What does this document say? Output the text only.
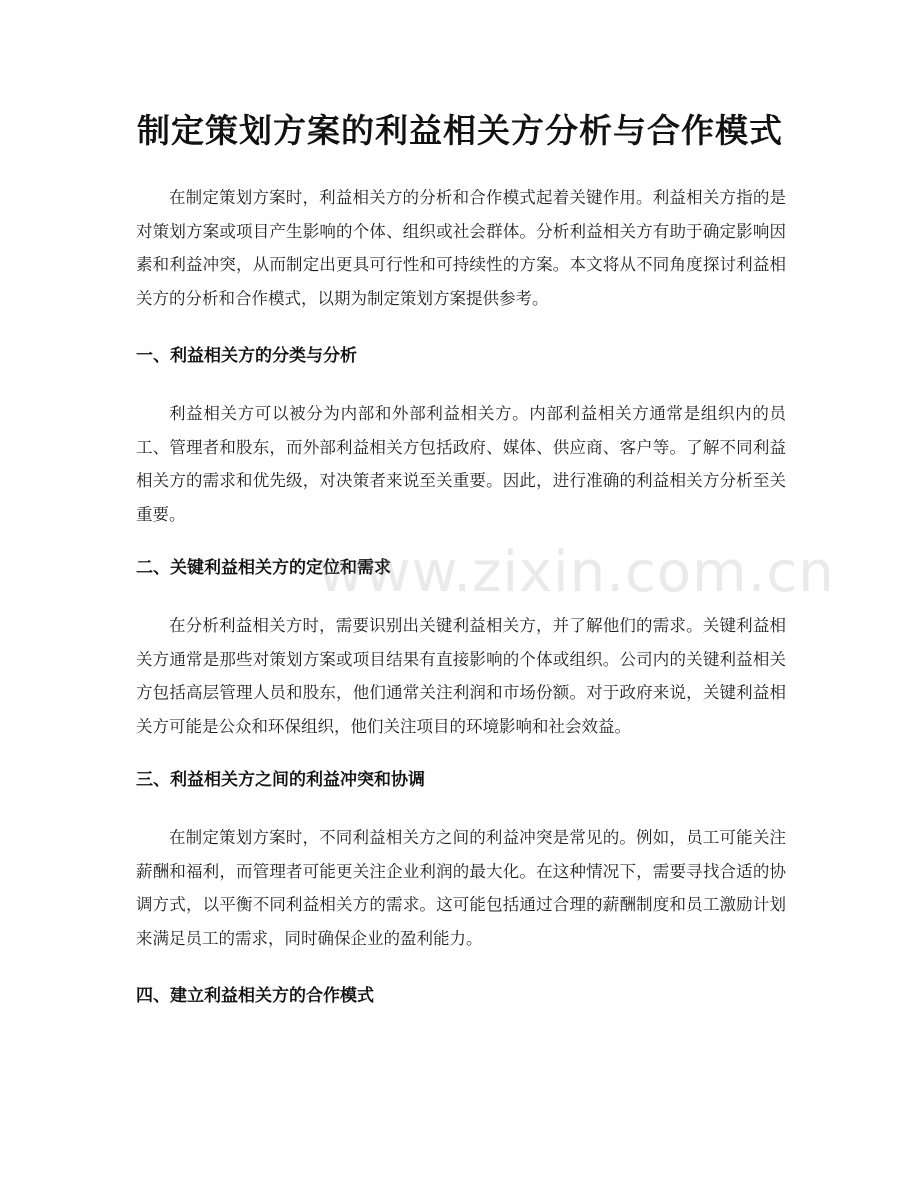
制定策划方案的利益相关方分析与合作模式

在制定策划方案时，利益相关方的分析和合作模式起着关键作用。利益相关方指的是对策划方案或项目产生影响的个体、组织或社会群体。分析利益相关方有助于确定影响因素和利益冲突，从而制定出更具可行性和可持续性的方案。本文将从不同角度探讨利益相关方的分析和合作模式，以期为制定策划方案提供参考。

一、利益相关方的分类与分析

利益相关方可以被分为内部和外部利益相关方。内部利益相关方通常是组织内的员工、管理者和股东，而外部利益相关方包括政府、媒体、供应商、客户等。了解不同利益相关方的需求和优先级，对决策者来说至关重要。因此，进行准确的利益相关方分析至关重要。

二、关键利益相关方的定位和需求

在分析利益相关方时，需要识别出关键利益相关方，并了解他们的需求。关键利益相关方通常是那些对策划方案或项目结果有直接影响的个体或组织。公司内的关键利益相关方包括高层管理人员和股东，他们通常关注利润和市场份额。对于政府来说，关键利益相关方可能是公众和环保组织，他们关注项目的环境影响和社会效益。

三、利益相关方之间的利益冲突和协调

在制定策划方案时，不同利益相关方之间的利益冲突是常见的。例如，员工可能关注薪酬和福利，而管理者可能更关注企业利润的最大化。在这种情况下，需要寻找合适的协调方式，以平衡不同利益相关方的需求。这可能包括通过合理的薪酬制度和员工激励计划来满足员工的需求，同时确保企业的盈利能力。

四、建立利益相关方的合作模式
www.zixin.com.cn
